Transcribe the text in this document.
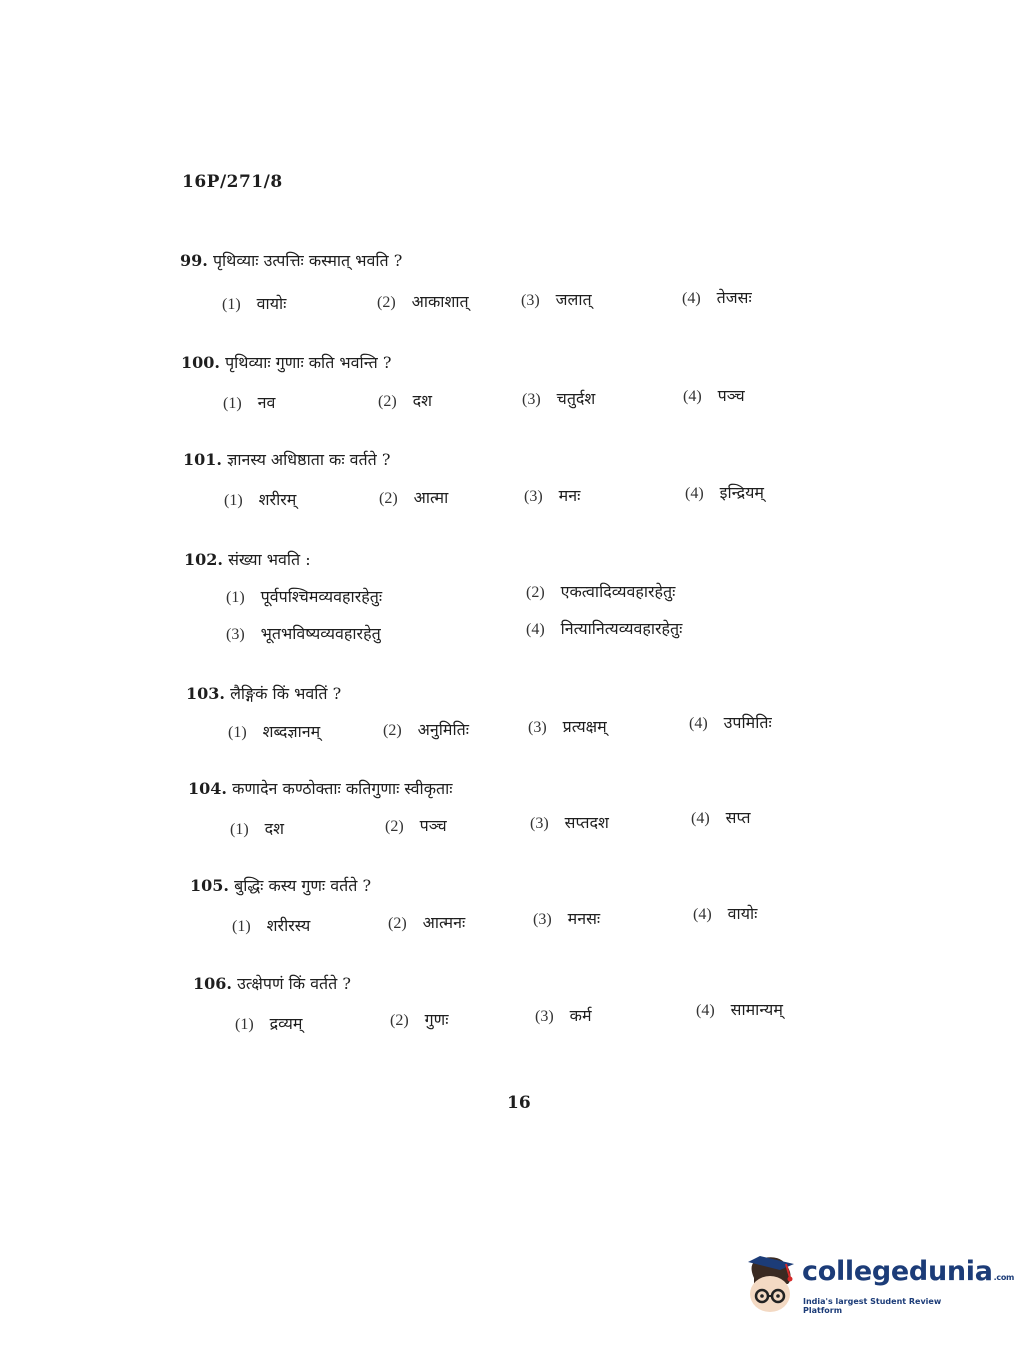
16P/271/8
99. पृथिव्याः उत्पत्तिः कस्मात् भवति ?
(1) वायोः	(2) आकाशात्	(3) जलात्	(4) तेजसः
100. पृथिव्याः गुणाः कति भवन्ति ?
(1) नव	(2) दश	(3) चतुर्दश	(4) पञ्च
101. ज्ञानस्य अधिष्ठाता कः वर्तते ?
(1) शरीरम्	(2) आत्मा	(3) मनः	(4) इन्द्रियम्
102. संख्या भवति :
(1) पूर्वपश्चिमव्यवहारहेतुः	(2) एकत्वादिव्यवहारहेतुः
(3) भूतभविष्यव्यवहारहेतु	(4) नित्यानित्यव्यवहारहेतुः
103. लैङ्गिकं किं भवतिं ?
(1) शब्दज्ञानम्	(2) अनुमितिः	(3) प्रत्यक्षम्	(4) उपमितिः
104. कणादेन कण्ठोक्ताः कतिगुणाः स्वीकृताः
(1) दश	(2) पञ्च	(3) सप्तदश	(4) सप्त
105. बुद्धिः कस्य गुणः वर्तते ?
(1) शरीरस्य	(2) आत्मनः	(3) मनसः	(4) वायोः
106. उत्क्षेपणं किं वर्तते ?
(1) द्रव्यम्	(2) गुणः	(3) कर्म	(4) सामान्यम्
16
collegedunia.com
India's largest Student Review Platform
